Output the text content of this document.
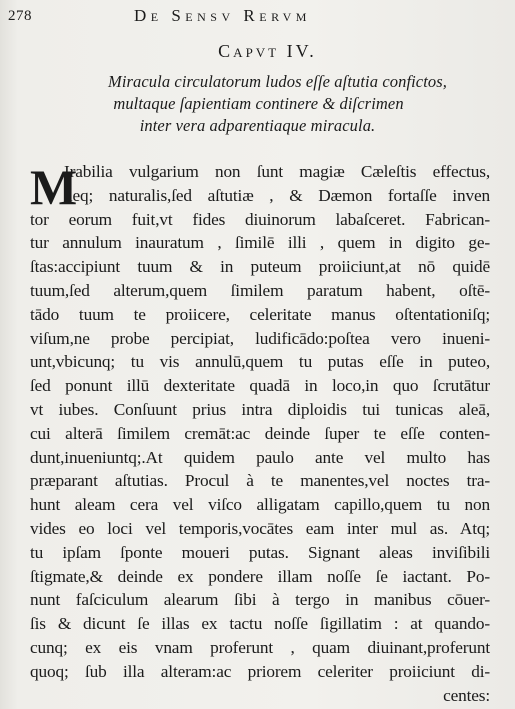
278	De Sensv Rervm
Capvt IV.
Miracula circulatorum ludos eſſe aſtutia confictos,
multaque ſapientiam continere & diſcrimen
inter vera adparentiaque miracula.
M
Irabilia vulgarium non ſunt magiæ Cæleſtis effectus,
neq; naturalis,ſed aſtutiæ , & Dæmon fortaſſe inven
tor eorum fuit,vt fides diuinorum labaſceret. Fabrican-
tur annulum inauratum , ſimilē illi , quem in digito ge-
ſtas:accipiunt tuum & in puteum proiiciunt,at nō quidē
tuum,ſed alterum,quem ſimilem paratum habent, oſtē-
tādo tuum te proiicere, celeritate manus oſtentationiſq;
viſum,ne probe percipiat, ludificādo:poſtea vero inueni-
unt,vbicunq; tu vis annulū,quem tu putas eſſe in puteo,
ſed ponunt illū dexteritate quadā in loco,in quo ſcrutātur
vt iubes. Conſuunt prius intra diploidis tui tunicas aleā,
cui alterā ſimilem cremāt:ac deinde ſuper te eſſe conten-
dunt,inueniuntq;.At quidem paulo ante vel multo has
præparant aſtutias. Procul à te manentes,vel noctes tra-
hunt aleam cera vel viſco alligatam capillo,quem tu non
vides eo loci vel temporis,vocātes eam inter mul as. Atq;
tu ipſam ſponte moueri putas. Signant aleas inviſibili
ſtigmate,& deinde ex pondere illam noſſe ſe iactant. Po-
nunt faſciculum alearum ſibi à tergo in manibus cōuer-
ſis & dicunt ſe illas ex tactu noſſe ſigillatim : at quando-
cunq; ex eis vnam proferunt , quam diuinant,proferunt
quoq; ſub illa alteram:ac priorem celeriter proiiciunt di-
centes:
